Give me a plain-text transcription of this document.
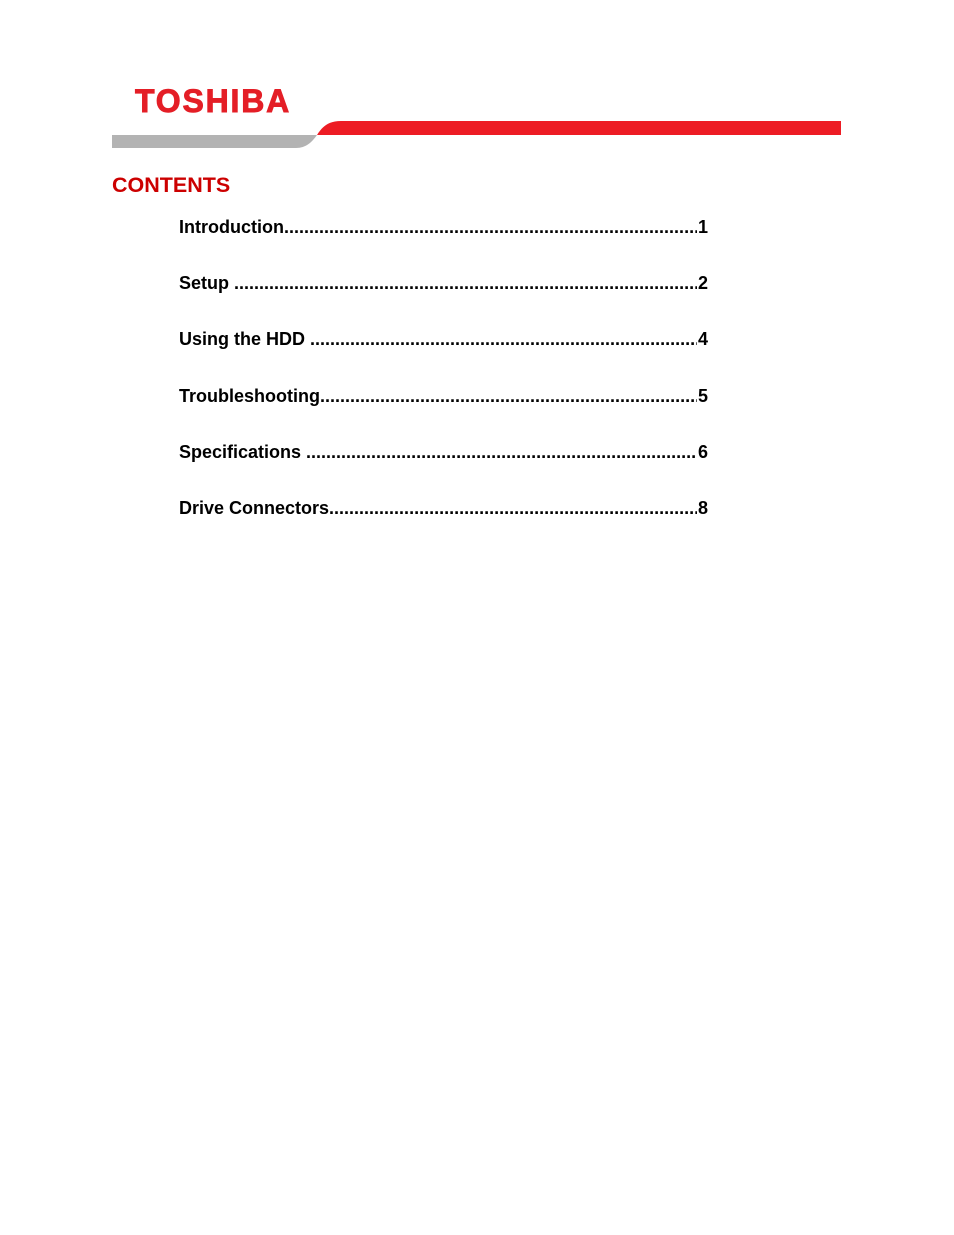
TOSHIBA
CONTENTS
Introduction .....	1
Setup .....	2
Using the HDD .....	4
Troubleshooting .....	5
Specifications .....	6
Drive Connectors .....	8
